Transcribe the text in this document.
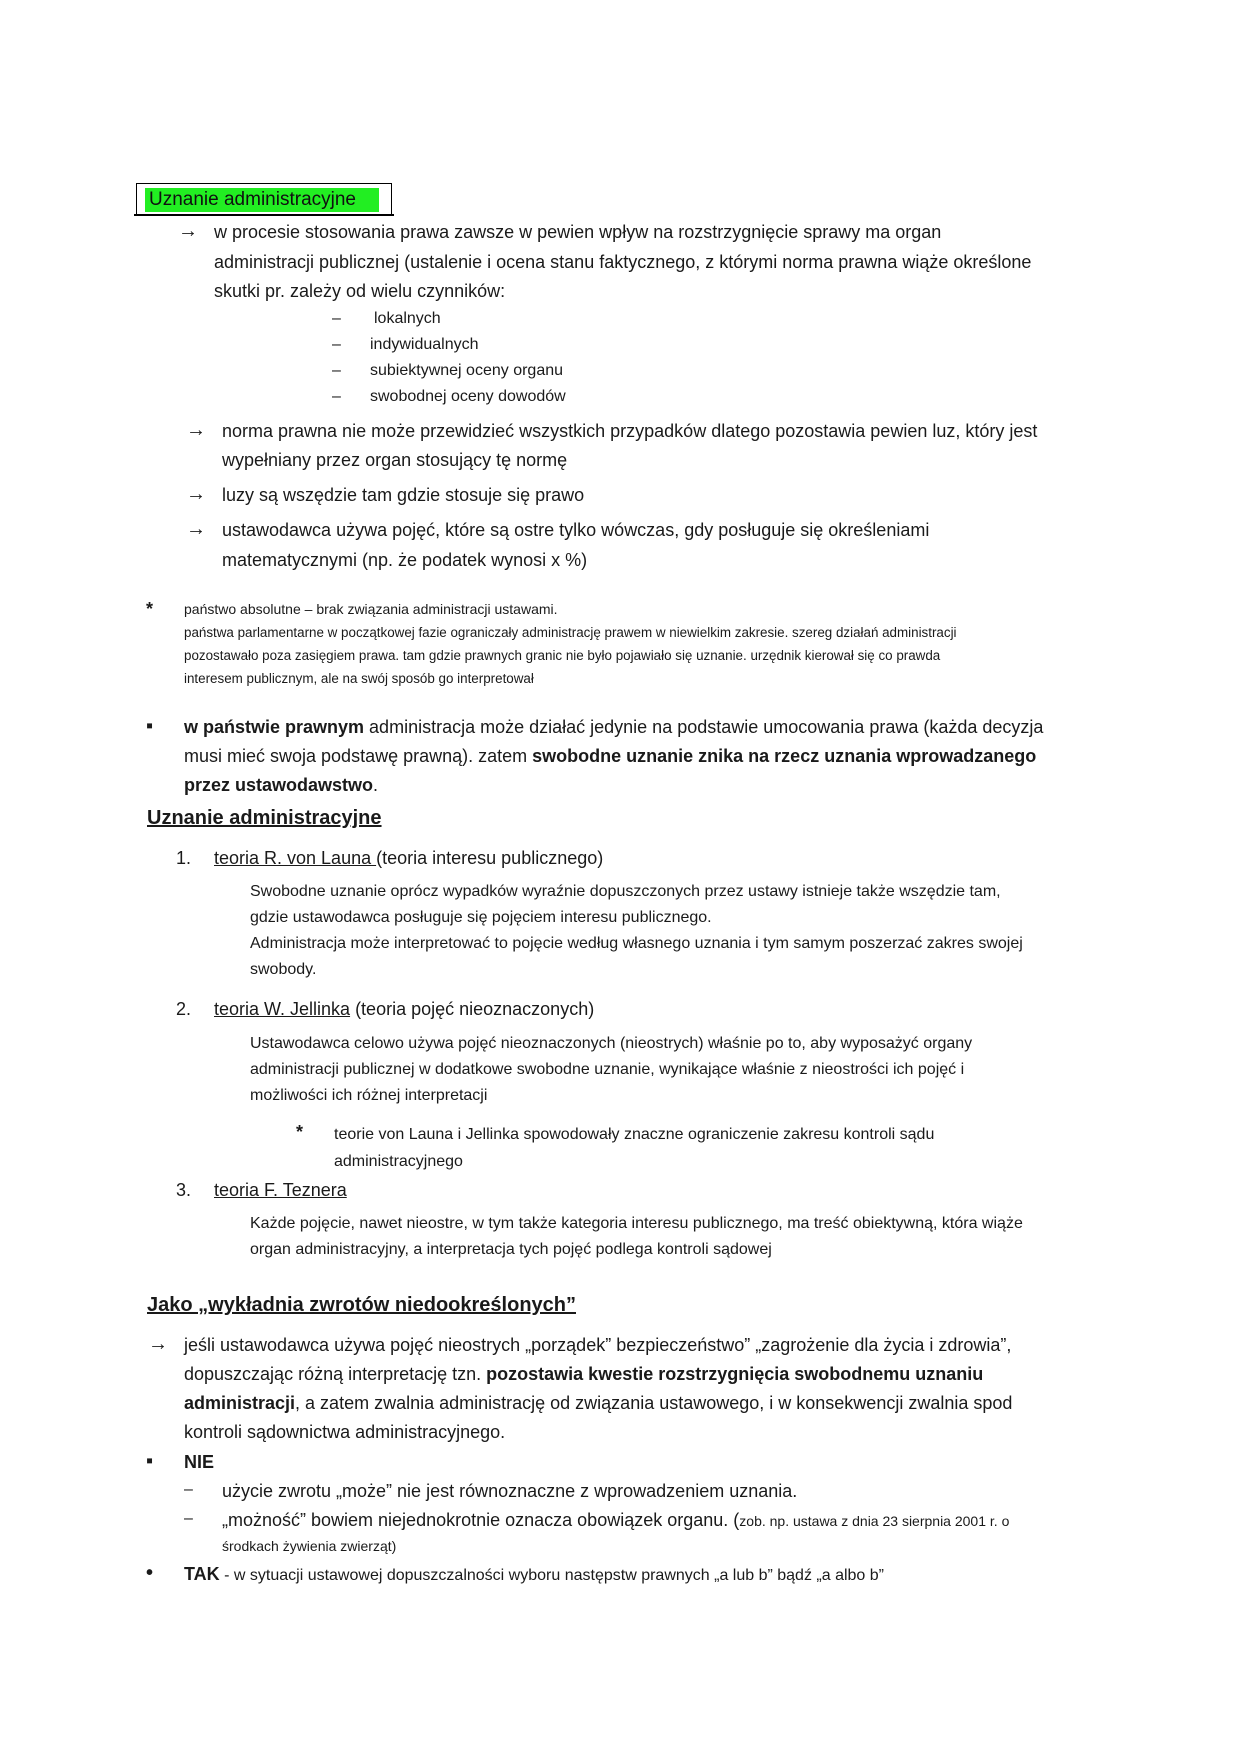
Uznanie administracyjne
→ w procesie stosowania prawa zawsze w pewien wpływ na rozstrzygnięcie sprawy ma organ
administracji publicznej (ustalenie i ocena stanu faktycznego, z którymi norma prawna wiąże określone
skutki pr. zależy od wielu czynników:
– lokalnych
– indywidualnych
– subiektywnej oceny organu
– swobodnej oceny dowodów
→ norma prawna nie może przewidzieć wszystkich przypadków dlatego pozostawia pewien luz, który jest
wypełniany przez organ stosujący tę normę
→ luzy są wszędzie tam gdzie stosuje się prawo
→ ustawodawca używa pojęć, które są ostre tylko wówczas, gdy posługuje się określeniami
matematycznymi (np. że podatek wynosi x %)
* państwo absolutne – brak związania administracji ustawami.
państwa parlamentarne w początkowej fazie ograniczały administrację prawem w niewielkim zakresie. szereg działań administracji
pozostawało poza zasięgiem prawa. tam gdzie prawnych granic nie było pojawiało się uznanie. urzędnik kierował się co prawda
interesem publicznym, ale na swój sposób go interpretował
▪ w państwie prawnym administracja może działać jedynie na podstawie umocowania prawa (każda decyzja
musi mieć swoja podstawę prawną). zatem swobodne uznanie znika na rzecz uznania wprowadzanego
przez ustawodawstwo.
Uznanie administracyjne
1. teoria R. von Launa (teoria interesu publicznego)
Swobodne uznanie oprócz wypadków wyraźnie dopuszczonych przez ustawy istnieje także wszędzie tam,
gdzie ustawodawca posługuje się pojęciem interesu publicznego.
Administracja może interpretować to pojęcie według własnego uznania i tym samym poszerzać zakres swojej
swobody.
2. teoria W. Jellinka (teoria pojęć nieoznaczonych)
Ustawodawca celowo używa pojęć nieoznaczonych (nieostrych) właśnie po to, aby wyposażyć organy
administracji publicznej w dodatkowe swobodne uznanie, wynikające właśnie z nieostrości ich pojęć i
możliwości ich różnej interpretacji
* teorie von Launa i Jellinka spowodowały znaczne ograniczenie zakresu kontroli sądu
administracyjnego
3. teoria F. Teznera
Każde pojęcie, nawet nieostre, w tym także kategoria interesu publicznego, ma treść obiektywną, która wiąże
organ administracyjny, a interpretacja tych pojęć podlega kontroli sądowej
Jako „wykładnia zwrotów niedookreślonych”
→ jeśli ustawodawca używa pojęć nieostrych „porządek” bezpieczeństwo” „zagrożenie dla życia i zdrowia”,
dopuszczając różną interpretację tzn. pozostawia kwestie rozstrzygnięcia swobodnemu uznaniu
administracji, a zatem zwalnia administrację od związania ustawowego, i w konsekwencji zwalnia spod
kontroli sądownictwa administracyjnego.
▪ NIE
– użycie zwrotu „może” nie jest równoznaczne z wprowadzeniem uznania.
– „możność” bowiem niejednokrotnie oznacza obowiązek organu. (zob. np. ustawa z dnia 23 sierpnia 2001 r. o
środkach żywienia zwierząt)
• TAK - w sytuacji ustawowej dopuszczalności wyboru następstw prawnych „a lub b” bądź „a albo b”
